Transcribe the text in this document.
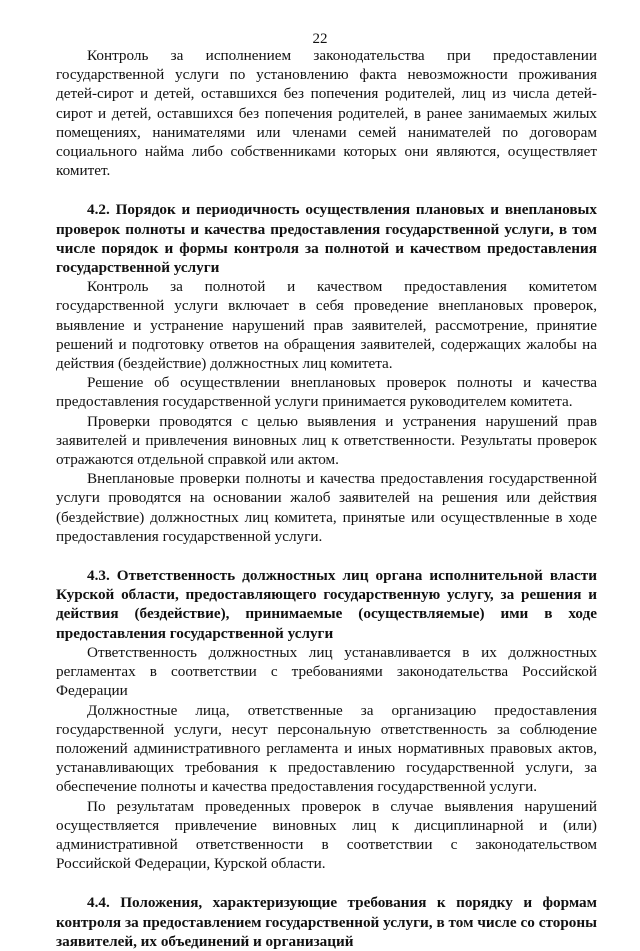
22

Контроль за исполнением законодательства при предоставлении государственной услуги по установлению факта невозможности проживания детей-сирот и детей, оставшихся без попечения родителей, лиц из числа детей-сирот и детей, оставшихся без попечения родителей, в ранее занимаемых жилых помещениях, нанимателями или членами семей нанимателей по договорам социального найма либо собственниками которых они являются, осуществляет комитет.

4.2. Порядок и периодичность осуществления плановых и внеплановых проверок полноты и качества предоставления государственной услуги, в том числе порядок и формы контроля за полнотой и качеством предоставления государственной услуги

Контроль за полнотой и качеством предоставления комитетом государственной услуги включает в себя проведение внеплановых проверок, выявление и устранение нарушений прав заявителей, рассмотрение, принятие решений и подготовку ответов на обращения заявителей, содержащих жалобы на действия (бездействие) должностных лиц комитета.

Решение об осуществлении внеплановых проверок полноты и качества предоставления государственной услуги принимается руководителем комитета.

Проверки проводятся с целью выявления и устранения нарушений прав заявителей и привлечения виновных лиц к ответственности. Результаты проверок отражаются отдельной справкой или актом.

Внеплановые проверки полноты и качества предоставления государственной услуги проводятся на основании жалоб заявителей на решения или действия (бездействие) должностных лиц комитета, принятые или осуществленные в ходе предоставления государственной услуги.

4.3. Ответственность должностных лиц органа исполнительной власти Курской области, предоставляющего государственную услугу, за решения и действия (бездействие), принимаемые (осуществляемые) ими в ходе предоставления государственной услуги

Ответственность должностных лиц устанавливается в их должностных регламентах в соответствии с требованиями законодательства Российской Федерации

Должностные лица, ответственные за организацию предоставления государственной услуги, несут персональную ответственность за соблюдение положений административного регламента и иных нормативных правовых актов, устанавливающих требования к предоставлению государственной услуги, за обеспечение полноты и качества предоставления государственной услуги.

По результатам проведенных проверок в случае выявления нарушений осуществляется привлечение виновных лиц к дисциплинарной и (или) административной ответственности в соответствии с законодательством Российской Федерации, Курской области.

4.4. Положения, характеризующие требования к порядку и формам контроля за предоставлением государственной услуги, в том числе со стороны заявителей, их объединений и организаций
